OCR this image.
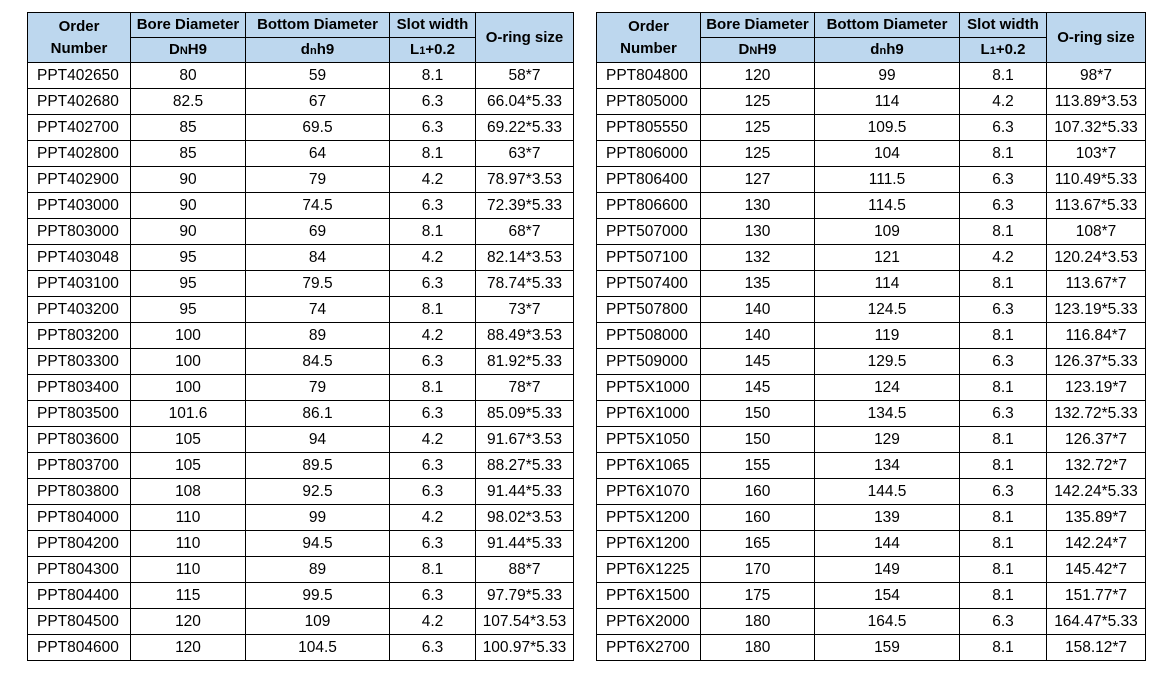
Order
Number	Bore Diameter	Bottom Diameter	Slot width	O-ring size
	DNH9	dnh9	L1+0.2	
PPT402650	80	59	8.1	58*7
PPT402680	82.5	67	6.3	66.04*5.33
PPT402700	85	69.5	6.3	69.22*5.33
PPT402800	85	64	8.1	63*7
PPT402900	90	79	4.2	78.97*3.53
PPT403000	90	74.5	6.3	72.39*5.33
PPT803000	90	69	8.1	68*7
PPT403048	95	84	4.2	82.14*3.53
PPT403100	95	79.5	6.3	78.74*5.33
PPT403200	95	74	8.1	73*7
PPT803200	100	89	4.2	88.49*3.53
PPT803300	100	84.5	6.3	81.92*5.33
PPT803400	100	79	8.1	78*7
PPT803500	101.6	86.1	6.3	85.09*5.33
PPT803600	105	94	4.2	91.67*3.53
PPT803700	105	89.5	6.3	88.27*5.33
PPT803800	108	92.5	6.3	91.44*5.33
PPT804000	110	99	4.2	98.02*3.53
PPT804200	110	94.5	6.3	91.44*5.33
PPT804300	110	89	8.1	88*7
PPT804400	115	99.5	6.3	97.79*5.33
PPT804500	120	109	4.2	107.54*3.53
PPT804600	120	104.5	6.3	100.97*5.33
Order
Number	Bore Diameter	Bottom Diameter	Slot width	O-ring size
	DNH9	dnh9	L1+0.2	
PPT804800	120	99	8.1	98*7
PPT805000	125	114	4.2	113.89*3.53
PPT805550	125	109.5	6.3	107.32*5.33
PPT806000	125	104	8.1	103*7
PPT806400	127	111.5	6.3	110.49*5.33
PPT806600	130	114.5	6.3	113.67*5.33
PPT507000	130	109	8.1	108*7
PPT507100	132	121	4.2	120.24*3.53
PPT507400	135	114	8.1	113.67*7
PPT507800	140	124.5	6.3	123.19*5.33
PPT508000	140	119	8.1	116.84*7
PPT509000	145	129.5	6.3	126.37*5.33
PPT5X1000	145	124	8.1	123.19*7
PPT6X1000	150	134.5	6.3	132.72*5.33
PPT5X1050	150	129	8.1	126.37*7
PPT6X1065	155	134	8.1	132.72*7
PPT6X1070	160	144.5	6.3	142.24*5.33
PPT5X1200	160	139	8.1	135.89*7
PPT6X1200	165	144	8.1	142.24*7
PPT6X1225	170	149	8.1	145.42*7
PPT6X1500	175	154	8.1	151.77*7
PPT6X2000	180	164.5	6.3	164.47*5.33
PPT6X2700	180	159	8.1	158.12*7
